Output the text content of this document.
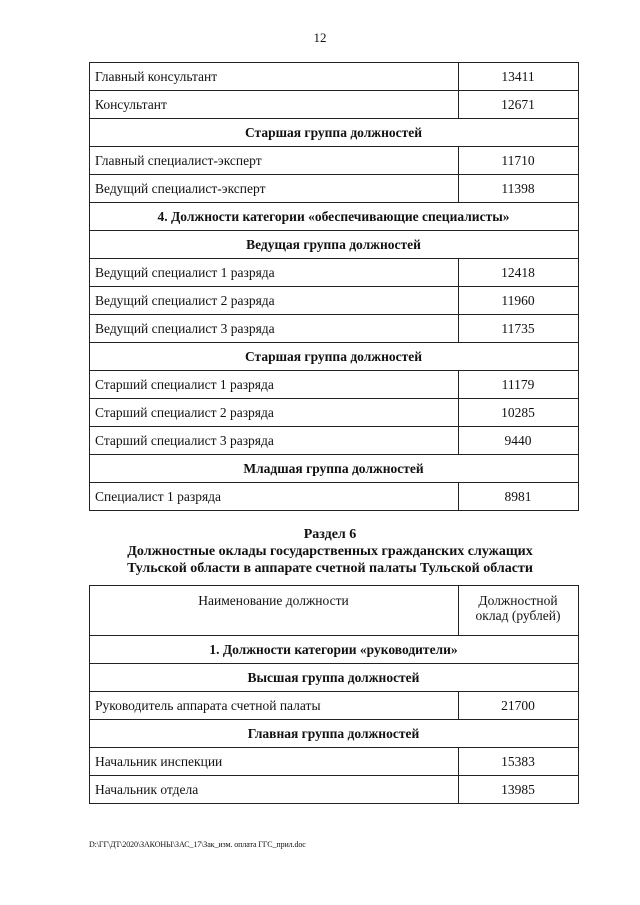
12
Главный консультант	13411
Консультант	12671
Старшая группа должностей	
Главный специалист-эксперт	11710
Ведущий специалист-эксперт	11398
4. Должности категории «обеспечивающие специалисты»	
Ведущая группа должностей	
Ведущий специалист 1 разряда	12418
Ведущий специалист 2 разряда	11960
Ведущий специалист 3 разряда	11735
Старшая группа должностей	
Старший специалист 1 разряда	11179
Старший специалист 2 разряда	10285
Старший специалист 3 разряда	9440
Младшая группа должностей	
Специалист 1 разряда	8981
Раздел 6
Должностные оклады государственных гражданских служащих
Тульской области в аппарате счетной палаты Тульской области
Наименование должности	Должностной
оклад (рублей)

1. Должности категории «руководители»	
Высшая группа должностей	
Руководитель аппарата счетной палаты	21700
Главная группа должностей	
Начальник инспекции	15383
Начальник отдела	13985
D:\ГГ\ДТ\2020\ЗАКОНЫ\ЗАС_17\Зак_изм. оплата ГГС_прил.doc
